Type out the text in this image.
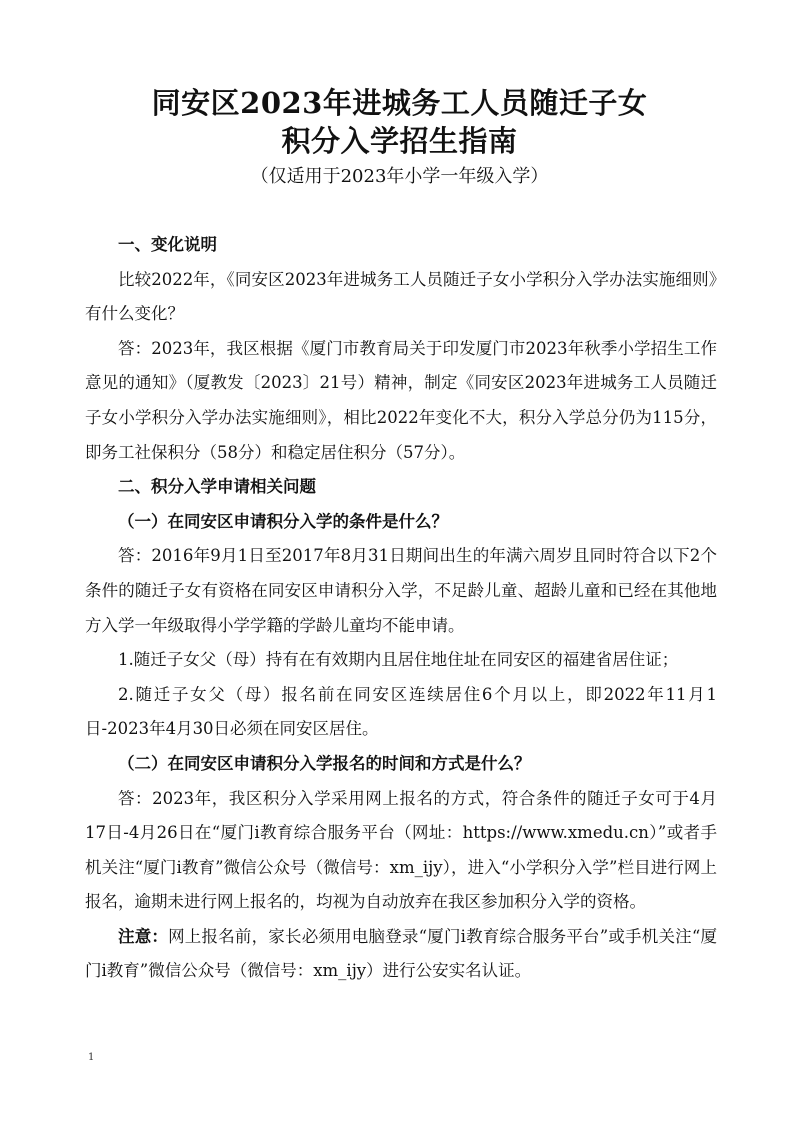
同安区2023年进城务工人员随迁子女
积分入学招生指南
（仅适用于2023年小学一年级入学）

一、变化说明

比较2022年，《同安区2023年进城务工人员随迁子女小学积分入学办法实施细则》有什么变化？

答：2023年，我区根据《厦门市教育局关于印发厦门市2023年秋季小学招生工作意见的通知》（厦教发〔2023〕21号）精神，制定《同安区2023年进城务工人员随迁子女小学积分入学办法实施细则》，相比2022年变化不大，积分入学总分仍为115分，即务工社保积分（58分）和稳定居住积分（57分）。

二、积分入学申请相关问题

（一）在同安区申请积分入学的条件是什么？

答：2016年9月1日至2017年8月31日期间出生的年满六周岁且同时符合以下2个条件的随迁子女有资格在同安区申请积分入学，不足龄儿童、超龄儿童和已经在其他地方入学一年级取得小学学籍的学龄儿童均不能申请。

1.随迁子女父（母）持有在有效期内且居住地住址在同安区的福建省居住证；

2.随迁子女父（母）报名前在同安区连续居住6个月以上，即2022年11月1日-2023年4月30日必须在同安区居住。

（二）在同安区申请积分入学报名的时间和方式是什么？

答：2023年，我区积分入学采用网上报名的方式，符合条件的随迁子女可于4月17日-4月26日在“厦门i教育综合服务平台（网址：https://www.xmedu.cn）”或者手机关注“厦门i教育”微信公众号（微信号：xm_ijy），进入“小学积分入学”栏目进行网上报名，逾期未进行网上报名的，均视为自动放弃在我区参加积分入学的资格。

注意：网上报名前，家长必须用电脑登录“厦门i教育综合服务平台”或手机关注“厦门i教育”微信公众号（微信号：xm_ijy）进行公安实名认证。

1
